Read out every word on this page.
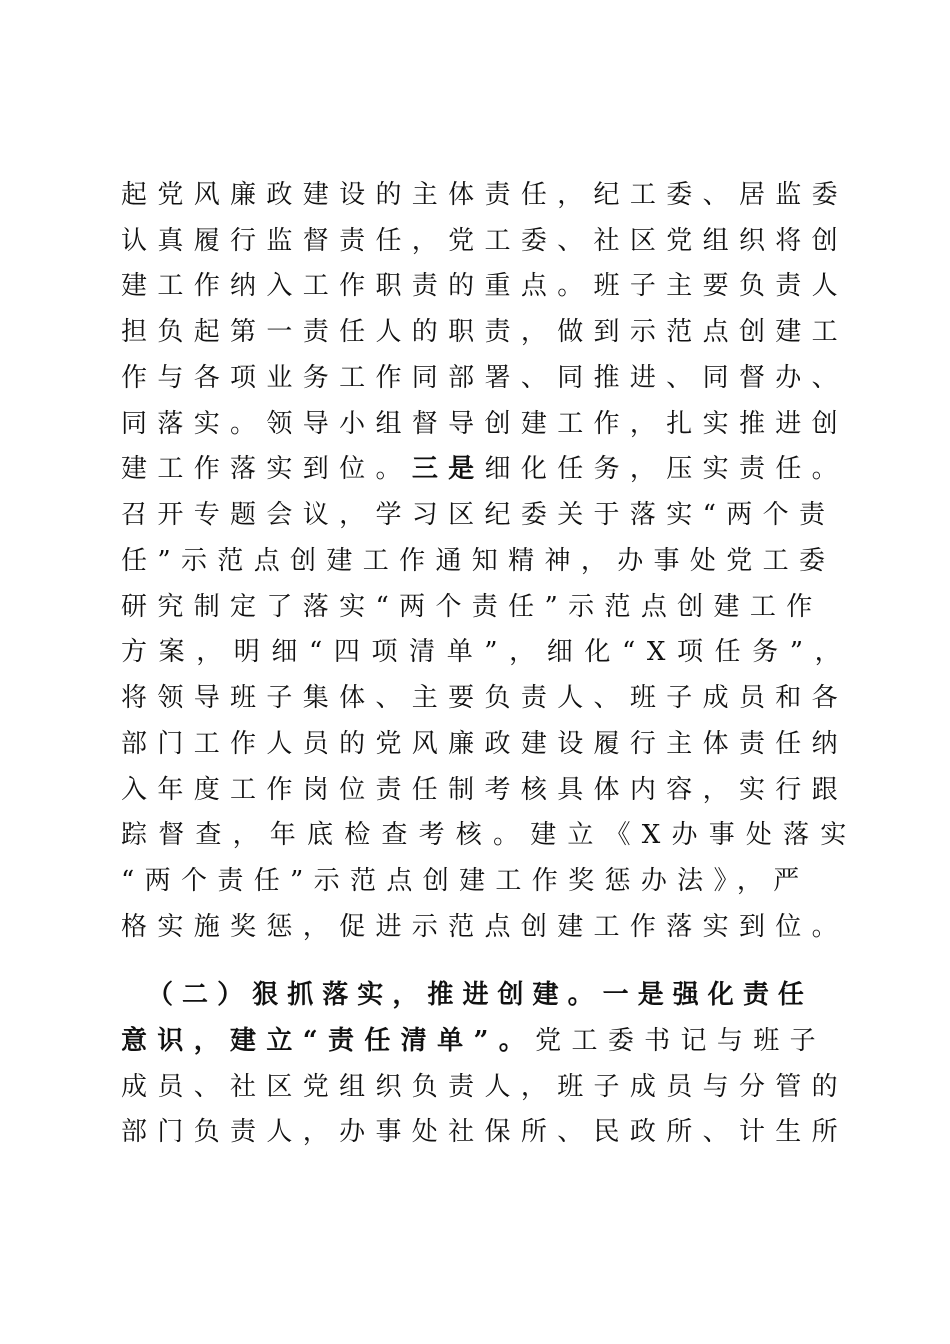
起党风廉政建设的主体责任，纪工委、居监委
认真履行监督责任，党工委、社区党组织将创
建工作纳入工作职责的重点。班子主要负责人
担负起第一责任人的职责，做到示范点创建工
作与各项业务工作同部署、同推进、同督办、
同落实。领导小组督导创建工作，扎实推进创
建工作落实到位。三是细化任务，压实责任。
召开专题会议，学习区纪委关于落实“两个责
任”示范点创建工作通知精神，办事处党工委
研究制定了落实“两个责任”示范点创建工作
方案，明细“四项清单”，细化“X项任务”，
将领导班子集体、主要负责人、班子成员和各
部门工作人员的党风廉政建设履行主体责任纳
入年度工作岗位责任制考核具体内容，实行跟
踪督查，年底检查考核。建立《X办事处落实
“两个责任”示范点创建工作奖惩办法》，严
格实施奖惩，促进示范点创建工作落实到位。
（二）狠抓落实，推进创建。一是强化责任
意识，建立“责任清单”。党工委书记与班子
成员、社区党组织负责人，班子成员与分管的
部门负责人，办事处社保所、民政所、计生所
